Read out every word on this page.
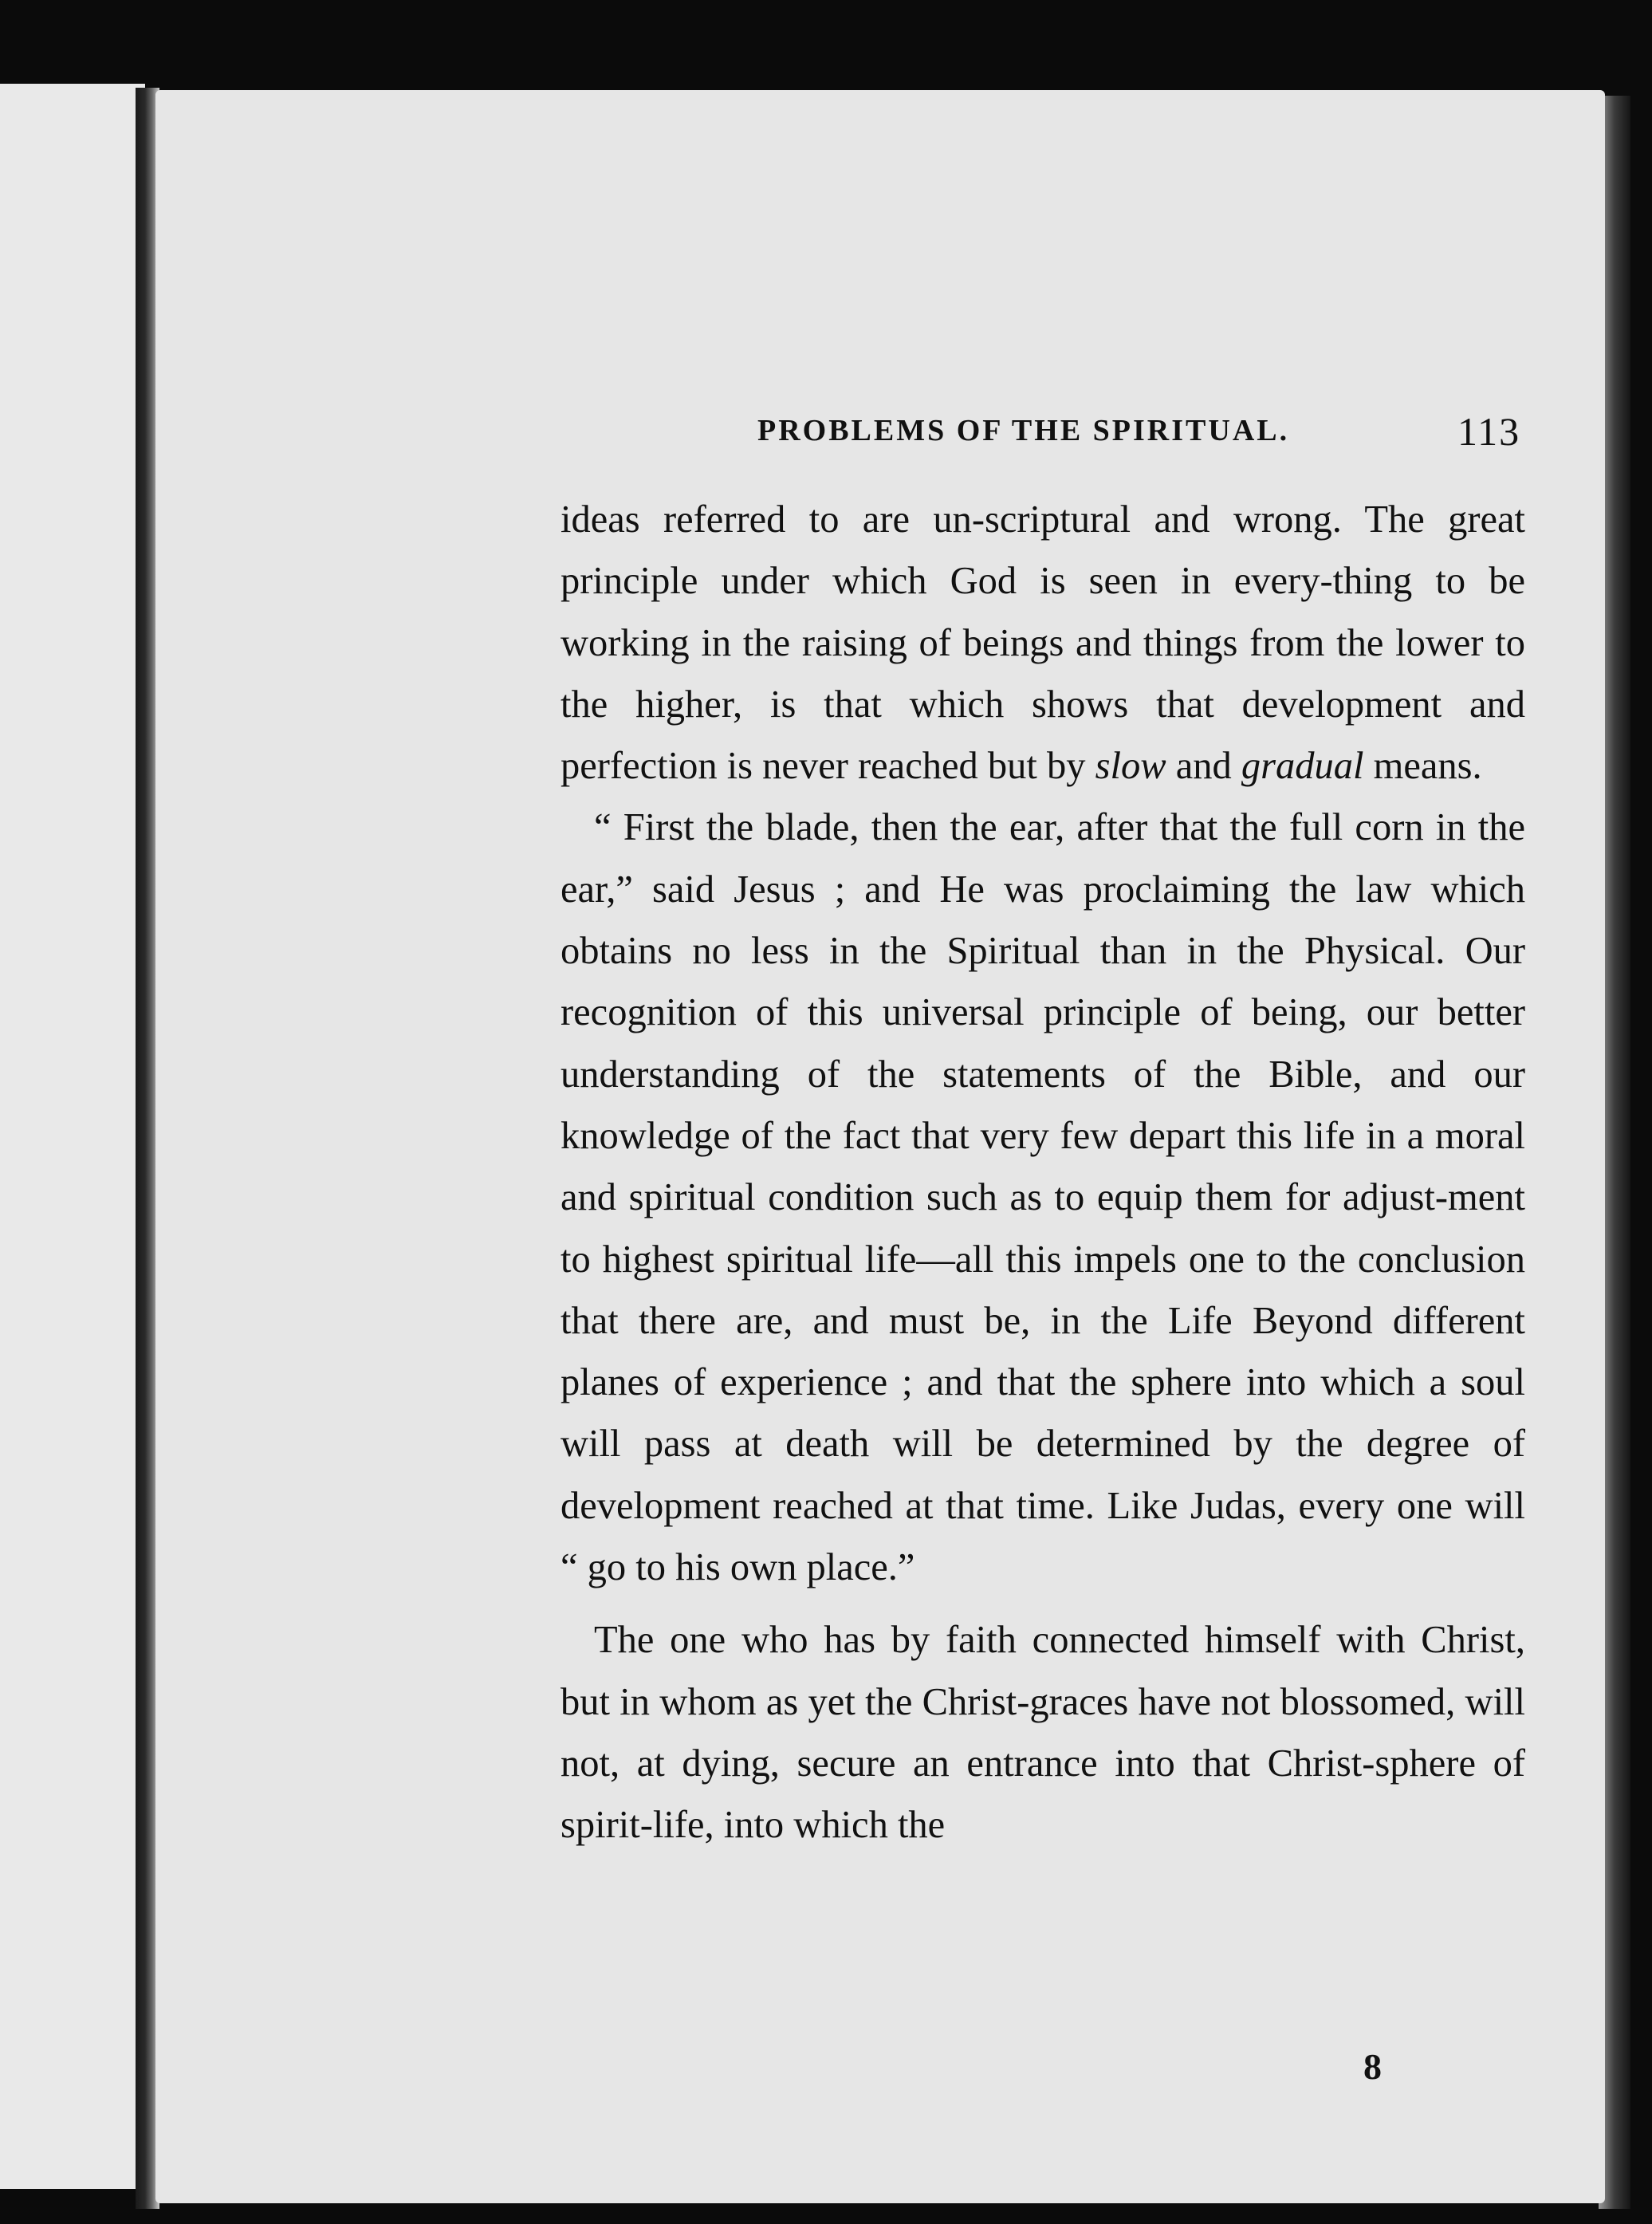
PROBLEMS OF THE SPIRITUAL.	113

ideas referred to are un-scriptural and wrong. The great principle under which God is seen in every-thing to be working in the raising of beings and things from the lower to the higher, is that which shows that development and perfection is never reached but by slow and gradual means.

“ First the blade, then the ear, after that the full corn in the ear,” said Jesus ; and He was proclaiming the law which obtains no less in the Spiritual than in the Physical. Our recognition of this universal principle of being, our better understanding of the statements of the Bible, and our knowledge of the fact that very few depart this life in a moral and spiritual condition such as to equip them for adjust-ment to highest spiritual life—all this impels one to the conclusion that there are, and must be, in the Life Beyond different planes of experience ; and that the sphere into which a soul will pass at death will be determined by the degree of development reached at that time. Like Judas, every one will “ go to his own place.”

The one who has by faith connected himself with Christ, but in whom as yet the Christ-graces have not blossomed, will not, at dying, secure an entrance into that Christ-sphere of spirit-life, into which the

8
